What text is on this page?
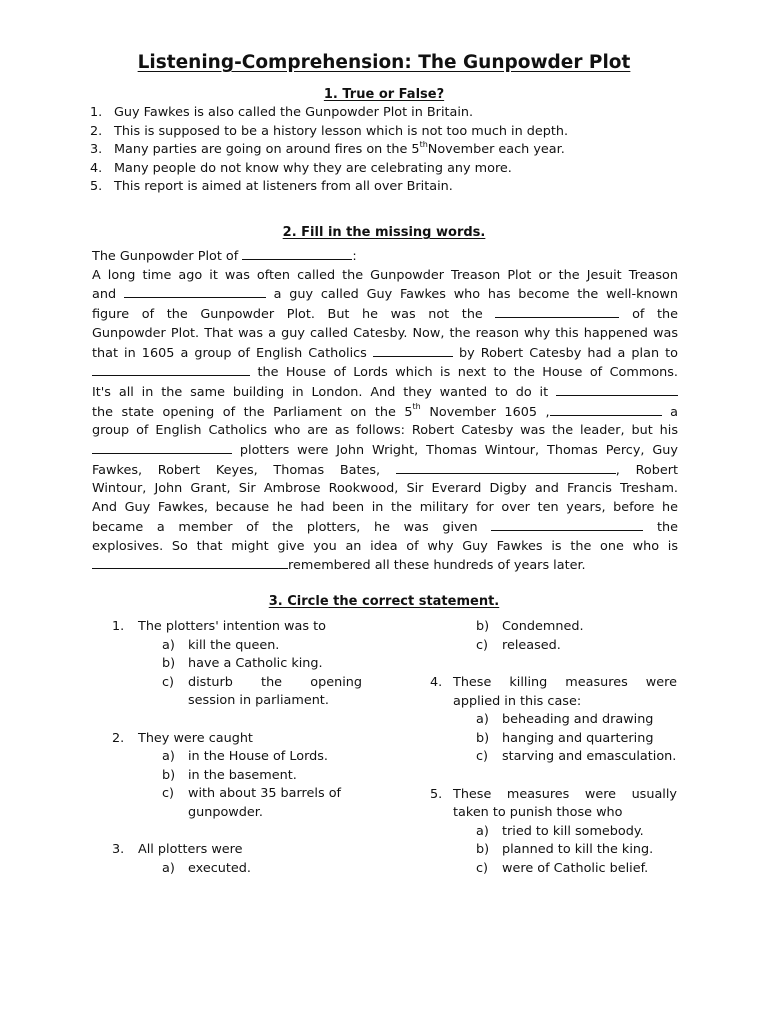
Listening-Comprehension: The Gunpowder Plot
1. True or False?
1. Guy Fawkes is also called the Gunpowder Plot in Britain.
2. This is supposed to be a history lesson which is not too much in depth.
3. Many parties are going on around fires on the 5thNovember each year.
4. Many people do not know why they are celebrating any more.
5. This report is aimed at listeners from all over Britain.
2. Fill in the missing words.
The Gunpowder Plot of	:
A long time ago it was often called the Gunpowder Treason Plot or the Jesuit Treason
and	a guy called Guy Fawkes who has become the well-known
figure of the Gunpowder Plot. But he was not the	of the
Gunpowder Plot. That was a guy called Catesby. Now, the reason why this happened was
that in 1605 a group of English Catholics	by Robert Catesby had a plan to
the House of Lords which is next to the House of Commons.
It's all in the same building in London. And they wanted to do it
the state opening of the Parliament on the 5th November 1605 ,	a
group of English Catholics who are as follows: Robert Catesby was the leader, but his
plotters were John Wright, Thomas Wintour, Thomas Percy, Guy
Fawkes, Robert Keyes, Thomas Bates,	, Robert
Wintour, John Grant, Sir Ambrose Rookwood, Sir Everard Digby and Francis Tresham.
And Guy Fawkes, because he had been in the military for over ten years, before he
became a member of the plotters, he was given	the
explosives. So that might give you an idea of why Guy Fawkes is the one who is
remembered all these hundreds of years later.
3. Circle the correct statement.
1. The plotters' intention was to
a) kill the queen.
b) have a Catholic king.
c)	disturb the opening
session in parliament.
2. They were caught
a) in the House of Lords.
b) in the basement.
c)	with about 35 barrels of
gunpowder.
3. All plotters were
a) executed.
b) Condemned.
c) released.
4. These killing measures were
applied in this case:
a) beheading and drawing
b) hanging and quartering
c) starving and emasculation.
5. These measures were usually
taken to punish those who
a) tried to kill somebody.
b) planned to kill the king.
c) were of Catholic belief.
